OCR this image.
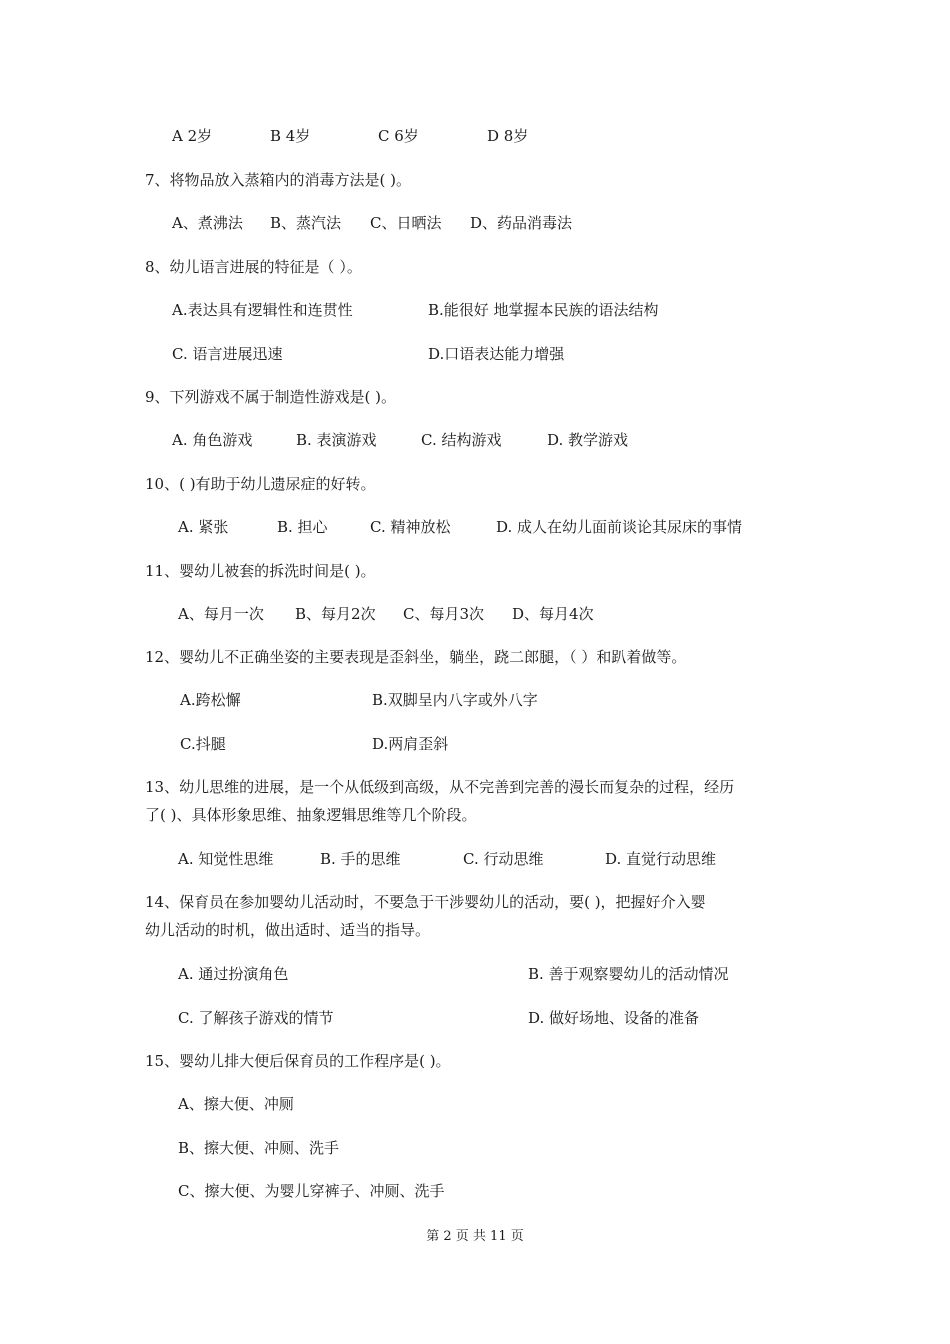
A 2岁	B 4岁	C 6岁	D 8岁
7、将物品放入蒸箱内的消毒方法是( )。
A、煮沸法 B、蒸汽法 C、日晒法 D、药品消毒法
8、幼儿语言进展的特征是（ ）。
A.表达具有逻辑性和连贯性	B.能很好 地掌握本民族的语法结构
C. 语言进展迅速	D.口语表达能力增强
9、下列游戏不属于制造性游戏是( )。
A. 角色游戏	B. 表演游戏	C. 结构游戏	D. 教学游戏
10、( )有助于幼儿遗尿症的好转。
A. 紧张	B. 担心	C. 精神放松	D. 成人在幼儿面前谈论其尿床的事情
11、婴幼儿被套的拆洗时间是( )。
A、每月一次 B、每月2次 C、每月3次 D、每月4次
12、婴幼儿不正确坐姿的主要表现是歪斜坐，躺坐，跷二郎腿，（ ）和趴着做等。
A.跨松懈	B.双脚呈内八字或外八字
C.抖腿	D.两肩歪斜
13、幼儿思维的进展，是一个从低级到高级，从不完善到完善的漫长而复杂的过程，经历
了( )、具体形象思维、抽象逻辑思维等几个阶段。
A. 知觉性思维	B. 手的思维	C. 行动思维	D. 直觉行动思维
14、保育员在参加婴幼儿活动时，不要急于干涉婴幼儿的活动，要( )，把握好介入婴
幼儿活动的时机，做出适时、适当的指导。
A. 通过扮演角色	B. 善于观察婴幼儿的活动情况
C. 了解孩子游戏的情节	D. 做好场地、设备的准备
15、婴幼儿排大便后保育员的工作程序是( )。
A、擦大便、冲厕
B、擦大便、冲厕、洗手
C、擦大便、为婴儿穿裤子、冲厕、洗手
第 2 页 共 11 页
